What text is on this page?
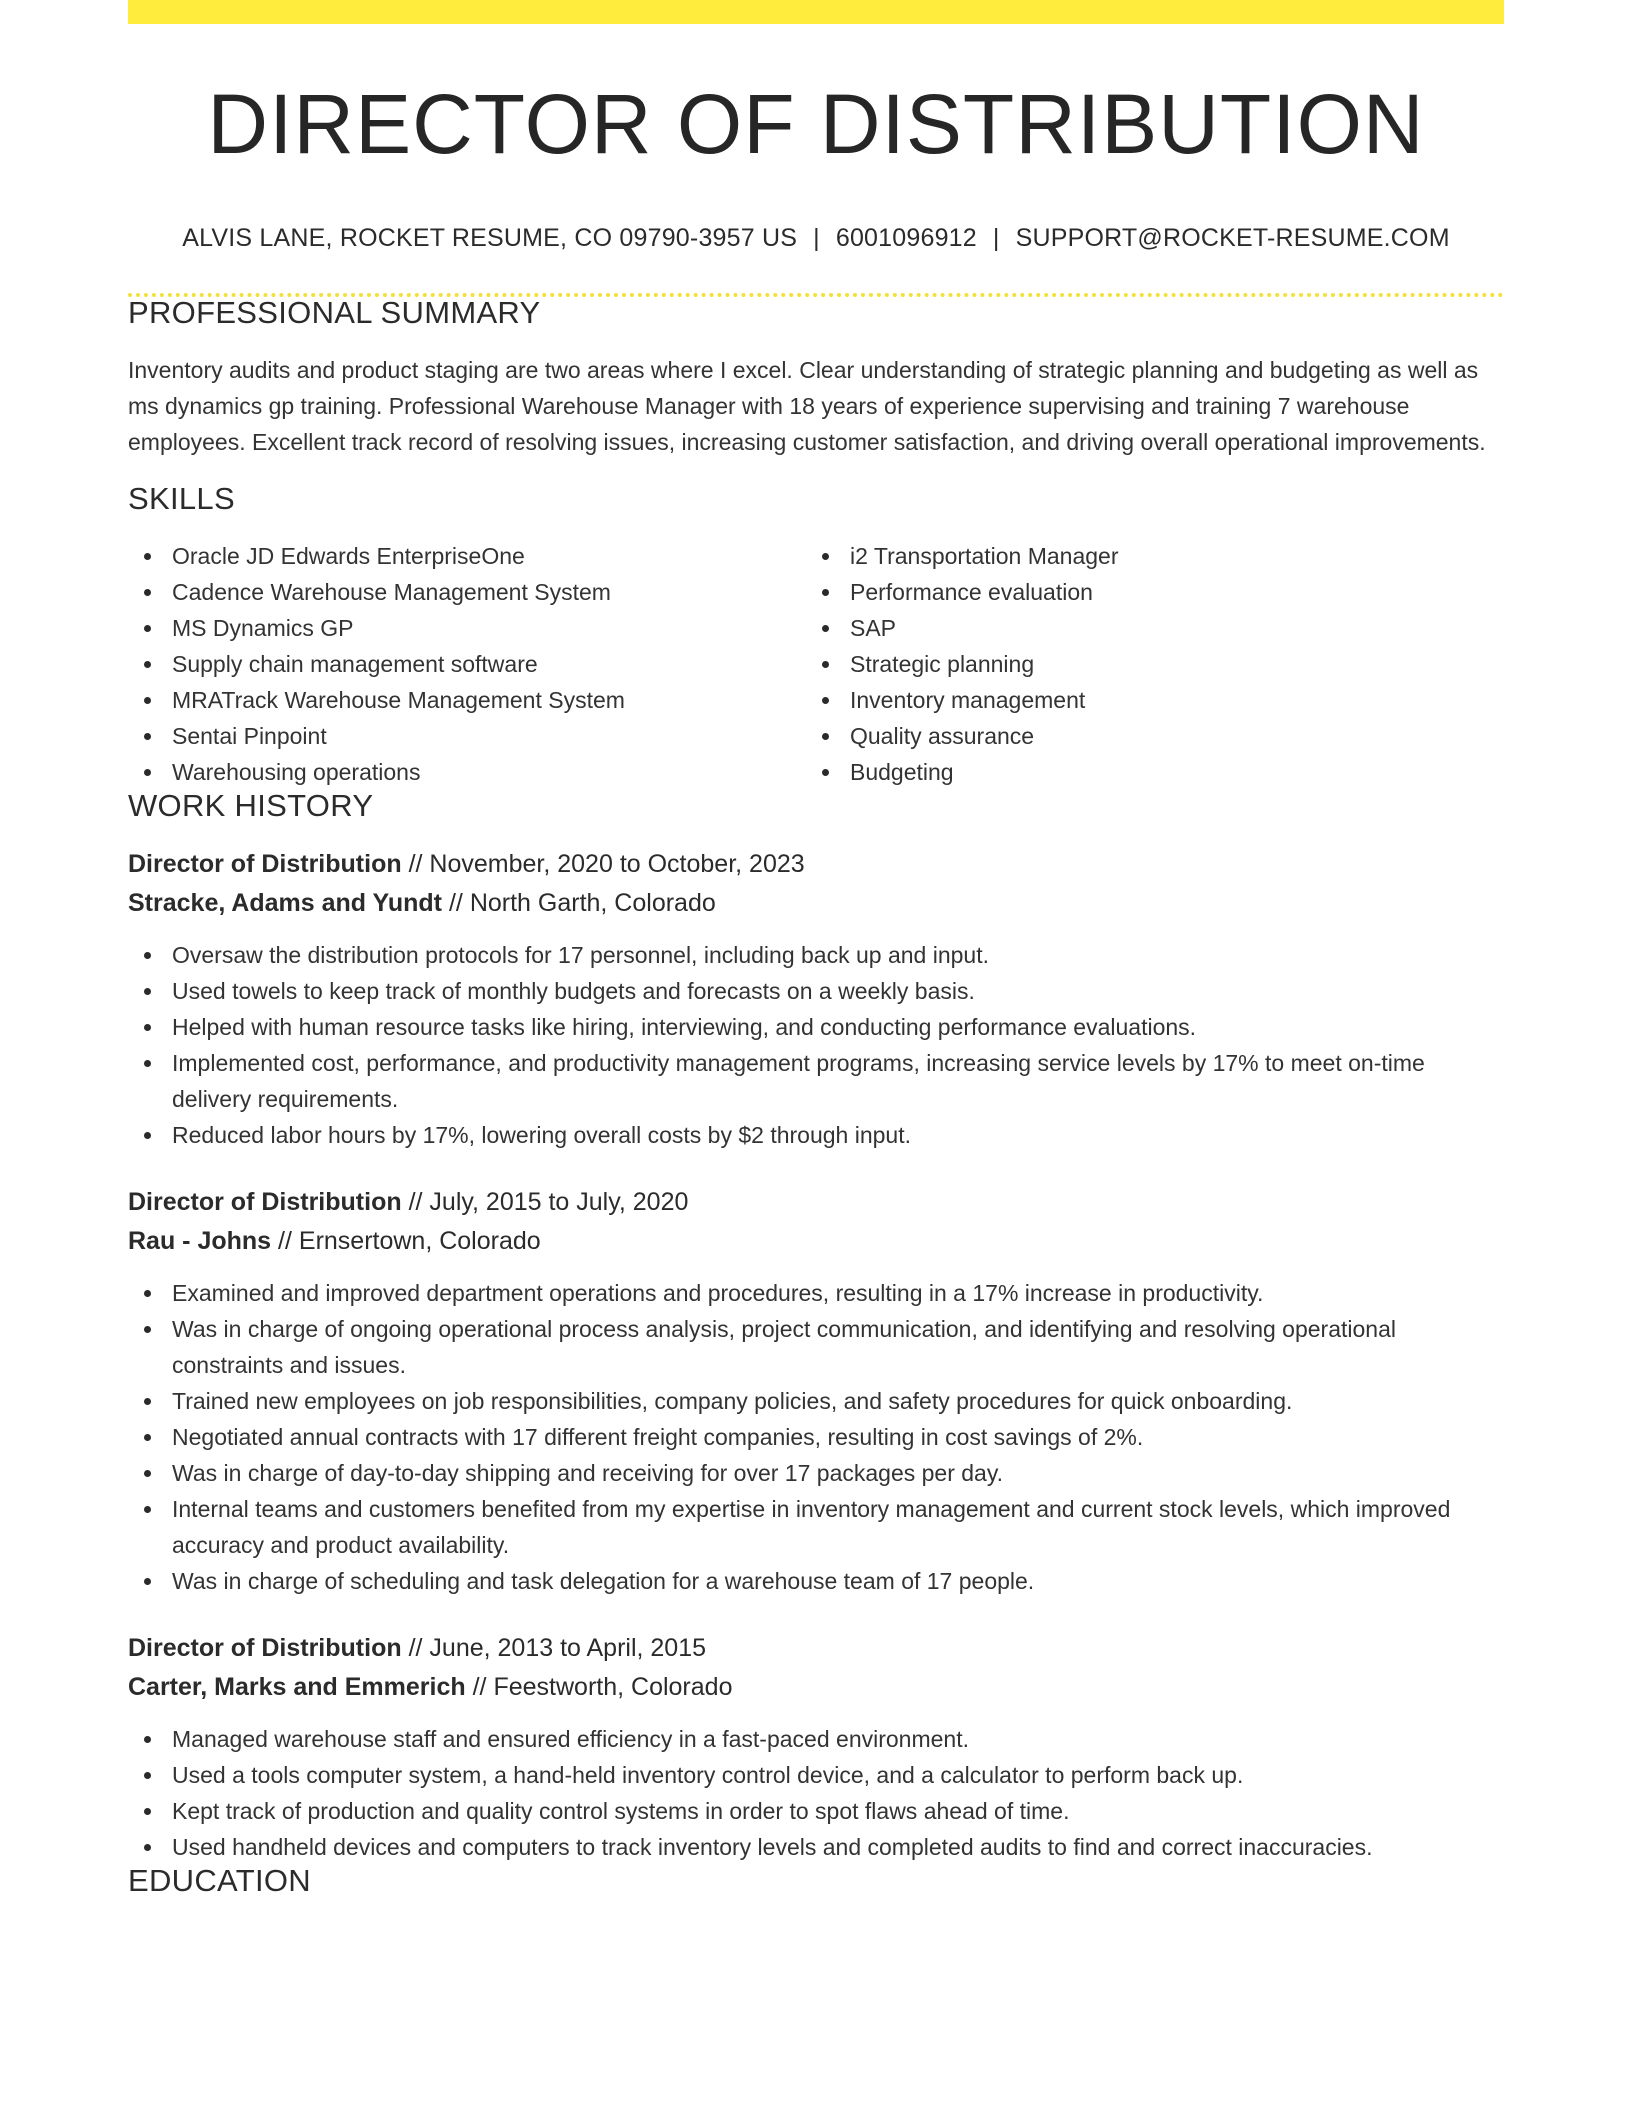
DIRECTOR OF DISTRIBUTION
ALVIS LANE, ROCKET RESUME, CO 09790-3957 US | 6001096912 | SUPPORT@ROCKET-RESUME.COM
PROFESSIONAL SUMMARY

Inventory audits and product staging are two areas where I excel. Clear understanding of strategic planning and budgeting as well as ms dynamics gp training. Professional Warehouse Manager with 18 years of experience supervising and training 7 warehouse employees. Excellent track record of resolving issues, increasing customer satisfaction, and driving overall operational improvements.

SKILLS
Oracle JD Edwards EnterpriseOne
Cadence Warehouse Management System
MS Dynamics GP
Supply chain management software
MRATrack Warehouse Management System
Sentai Pinpoint
Warehousing operations
i2 Transportation Manager
Performance evaluation
SAP
Strategic planning
Inventory management
Quality assurance
Budgeting
WORK HISTORY
Director of Distribution // November, 2020 to October, 2023
Stracke, Adams and Yundt // North Garth, Colorado
Oversaw the distribution protocols for 17 personnel, including back up and input.
Used towels to keep track of monthly budgets and forecasts on a weekly basis.
Helped with human resource tasks like hiring, interviewing, and conducting performance evaluations.
Implemented cost, performance, and productivity management programs, increasing service levels by 17% to meet on-time delivery requirements.
Reduced labor hours by 17%, lowering overall costs by $2 through input.
Director of Distribution // July, 2015 to July, 2020
Rau - Johns // Ernsertown, Colorado
Examined and improved department operations and procedures, resulting in a 17% increase in productivity.
Was in charge of ongoing operational process analysis, project communication, and identifying and resolving operational constraints and issues.
Trained new employees on job responsibilities, company policies, and safety procedures for quick onboarding.
Negotiated annual contracts with 17 different freight companies, resulting in cost savings of 2%.
Was in charge of day-to-day shipping and receiving for over 17 packages per day.
Internal teams and customers benefited from my expertise in inventory management and current stock levels, which improved accuracy and product availability.
Was in charge of scheduling and task delegation for a warehouse team of 17 people.
Director of Distribution // June, 2013 to April, 2015
Carter, Marks and Emmerich // Feestworth, Colorado
Managed warehouse staff and ensured efficiency in a fast-paced environment.
Used a tools computer system, a hand-held inventory control device, and a calculator to perform back up.
Kept track of production and quality control systems in order to spot flaws ahead of time.
Used handheld devices and computers to track inventory levels and completed audits to find and correct inaccuracies.
EDUCATION
